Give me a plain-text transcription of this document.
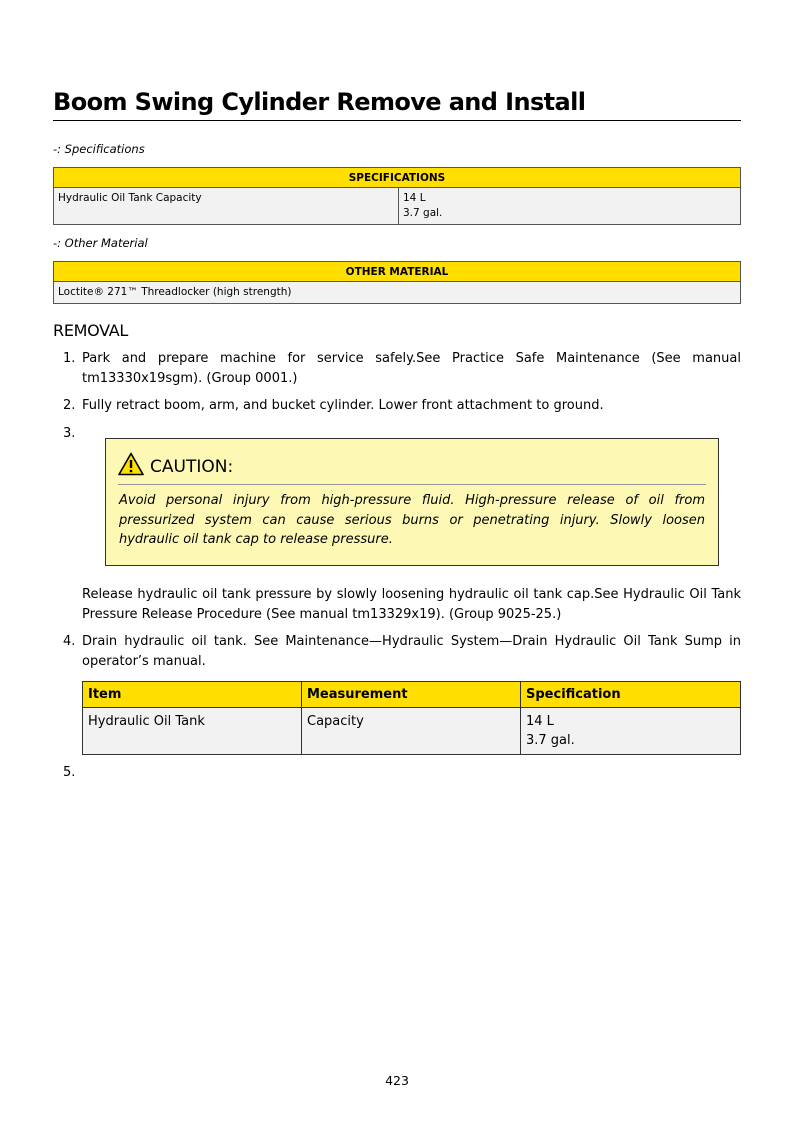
Boom Swing Cylinder Remove and Install
-: Specifications
SPECIFICATIONS
Hydraulic Oil Tank Capacity	14 L
3.7 gal.
-: Other Material
OTHER MATERIAL
Loctite® 271™ Threadlocker (high strength)
REMOVAL
1. Park and prepare machine for service safely.See Practice Safe Maintenance (See manual tm13330x19sgm). (Group 0001.)
2. Fully retract boom, arm, and bucket cylinder. Lower front attachment to ground.
3.
CAUTION:
Avoid personal injury from high-pressure fluid. High-pressure release of oil from pressurized system can cause serious burns or penetrating injury. Slowly loosen hydraulic oil tank cap to release pressure.
Release hydraulic oil tank pressure by slowly loosening hydraulic oil tank cap.See Hydraulic Oil Tank Pressure Release Procedure (See manual tm13329x19). (Group 9025-25.)
4. Drain hydraulic oil tank. See Maintenance—Hydraulic System—Drain Hydraulic Oil Tank Sump in operator’s manual.
Item	Measurement	Specification
Hydraulic Oil Tank	Capacity	14 L
3.7 gal.
5.
423
